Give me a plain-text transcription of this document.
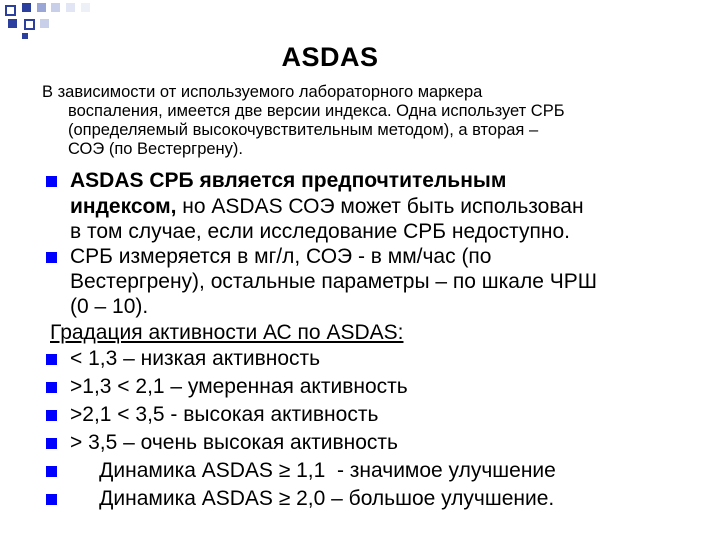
ASDAS
В зависимости от используемого лабораторного маркера
воспаления, имеется две версии индекса. Одна использует СРБ
(определяемый высокочувствительным методом), а вторая –
СОЭ (по Вестергрену).
ASDAS СРБ является предпочтительным
индексом, но ASDAS СОЭ может быть использован
в том случае, если исследование СРБ недоступно.
СРБ измеряется в мг/л, СОЭ - в мм/час (по
Вестергрену), остальные параметры – по шкале ЧРШ
(0 – 10).
Градация активности АС по ASDAS:
< 1,3 – низкая активность
>1,3 < 2,1 – умеренная активность
>2,1 < 3,5 - высокая активность
> 3,5 – очень высокая активность
Динамика ASDAS ≥ 1,1  - значимое улучшение
Динамика ASDAS ≥ 2,0 – большое улучшение.
